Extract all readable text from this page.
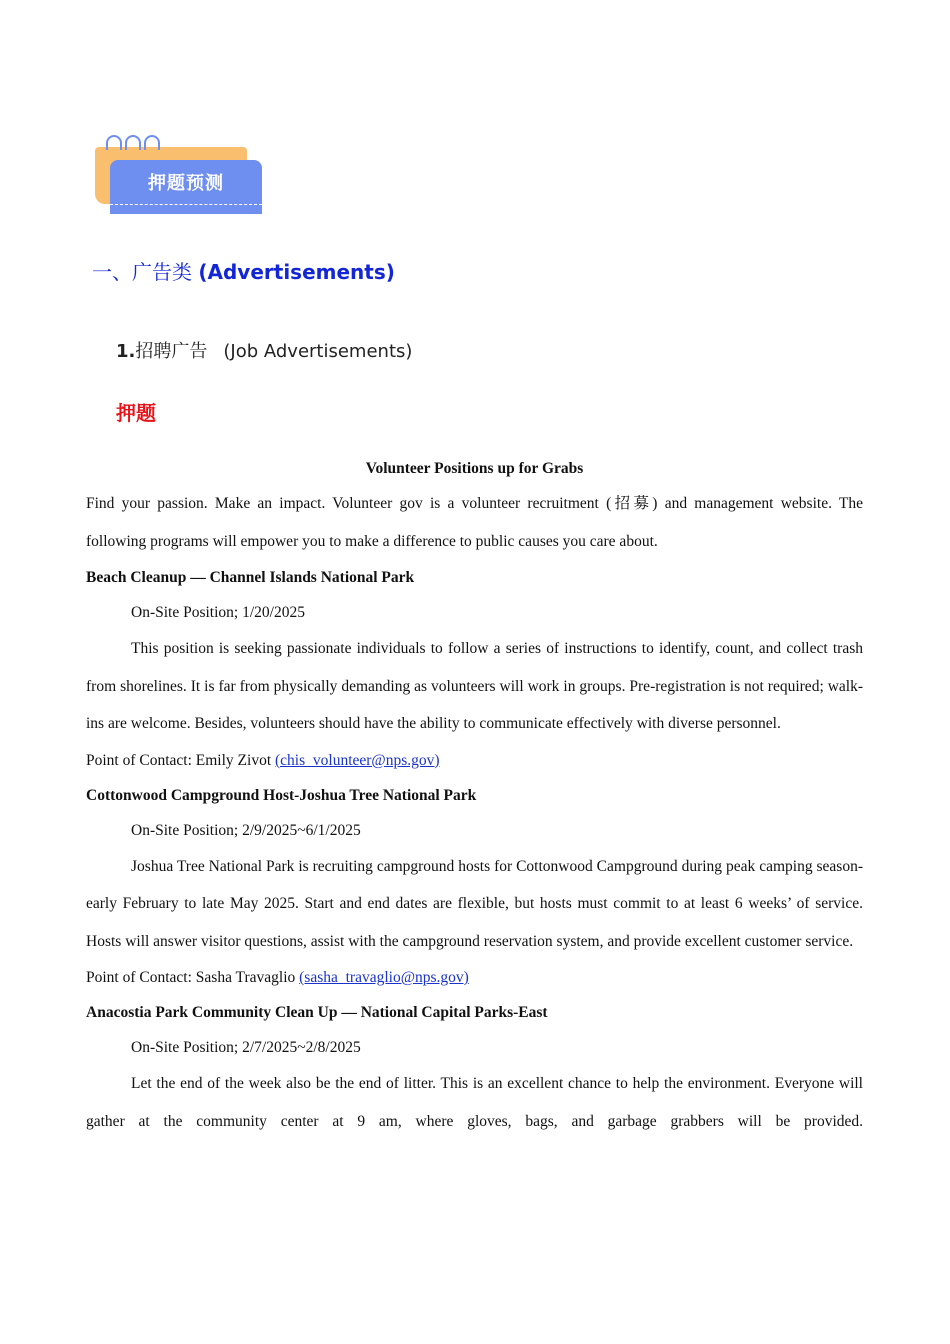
押题预测
一、广告类 (Advertisements)
1.招聘广告 (Job Advertisements)
押题

Volunteer Positions up for Grabs

Find your passion. Make an impact. Volunteer gov is a volunteer recruitment (招募) and management website. The following programs will empower you to make a difference to public causes you care about.

Beach Cleanup — Channel Islands National Park

On-Site Position; 1/20/2025

This position is seeking passionate individuals to follow a series of instructions to identify, count, and collect trash from shorelines. It is far from physically demanding as volunteers will work in groups. Pre-registration is not required; walk-ins are welcome. Besides, volunteers should have the ability to communicate effectively with diverse personnel.

Point of Contact: Emily Zivot (chis_volunteer@nps.gov)

Cottonwood Campground Host-Joshua Tree National Park

On-Site Position; 2/9/2025~6/1/2025

Joshua Tree National Park is recruiting campground hosts for Cottonwood Campground during peak camping season-early February to late May 2025. Start and end dates are flexible, but hosts must commit to at least 6 weeks’ of service. Hosts will answer visitor questions, assist with the campground reservation system, and provide excellent customer service.

Point of Contact: Sasha Travaglio (sasha_travaglio@nps.gov)

Anacostia Park Community Clean Up — National Capital Parks-East

On-Site Position; 2/7/2025~2/8/2025

Let the end of the week also be the end of litter. This is an excellent chance to help the environment. Everyone will gather at the community center at 9 am, where gloves, bags, and garbage grabbers will be provided.
